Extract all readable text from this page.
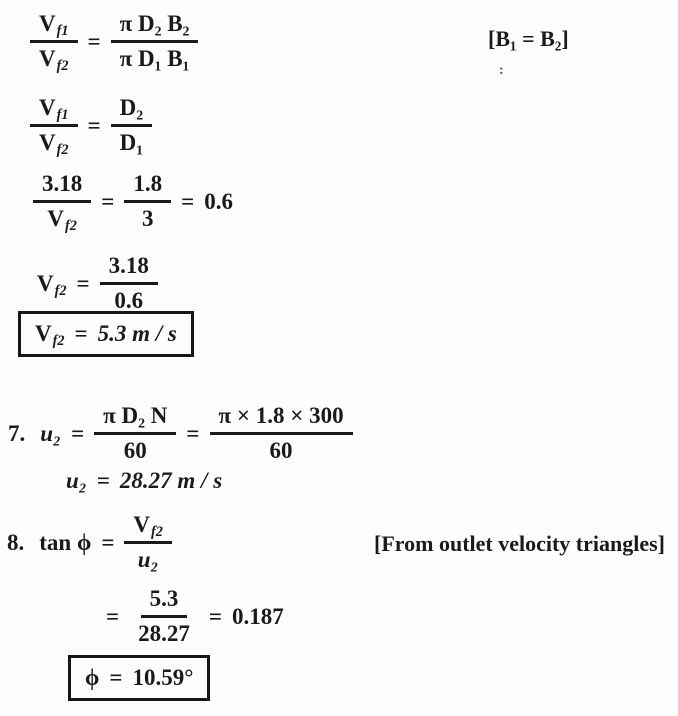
$\frac{V_{f1}}{V_{f2}} = \frac{\text{π D₂ B₂}}{\text{π D₁ B₁}}$	[B₁ = B₂]
:
$\frac{V_{f1}}{V_{f2}} = \frac{\text{D₂}}{\text{D₁}}$
$\frac{3.18}{V_{f2}} = \frac{1.8}{3} = 0.6$
$V_{f2} = \frac{3.18}{0.6}$
$V_{f2} = 5.3$ m / s
7. $u_2 = \frac{\text{π D₂ N}}{60} = \frac{\pi \times 1.8 \times 300}{60}$
u₂ = 28.27 m / s
8. $\tan \phi = \frac{V_{f2}}{\text{u₂}}$	[From outlet velocity triangles]
= $\frac{5.3}{28.27} = 0.187$
ϕ = 10.59°
